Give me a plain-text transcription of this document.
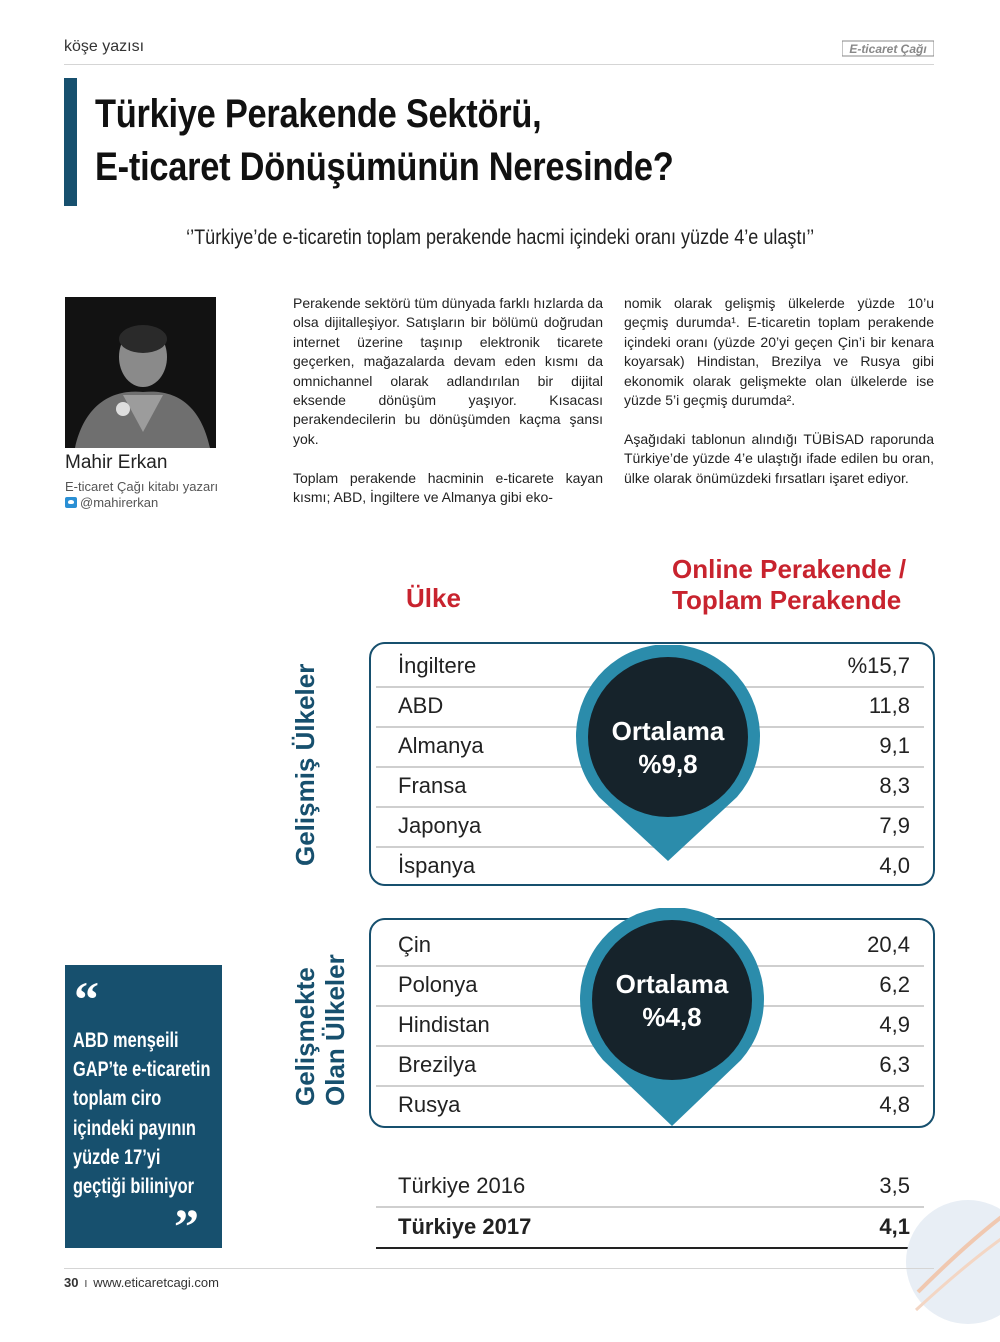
köşe yazısı	E-ticaret Çağı
Türkiye Perakende Sektörü,
E-ticaret Dönüşümünün Neresinde?
‘’Türkiye’de e-ticaretin toplam perakende hacmi içindeki oranı yüzde 4’e ulaştı’’
Mahir Erkan
E-ticaret Çağı kitabı yazarı
@mahirerkan

Perakende sektörü tüm dünyada farklı hızlarda da olsa dijitalleşiyor. Satışların bir bölümü doğrudan internet üzerine taşınıp elektronik ticarete geçerken, mağazalarda devam eden kısmı da omnichannel olarak adlandırılan bir dijital eksende dönüşüm yaşıyor. Kısacası perakendecilerin bu dönüşümden kaçma şansı yok.

Toplam perakende hacminin e-ticarete kayan kısmı; ABD, İngiltere ve Almanya gibi eko-

nomik olarak gelişmiş ülkelerde yüzde 10’u geçmiş durumda¹. E-ticaretin toplam perakende içindeki oranı (yüzde 20’yi geçen Çin’i bir kenara koyarsak) Hindistan, Brezilya ve Rusya gibi ekonomik olarak gelişmekte olan ülkelerde ise yüzde 5’i geçmiş durumda².

Aşağıdaki tablonun alındığı TÜBİSAD raporunda Türkiye’de yüzde 4’e ulaştığı ifade edilen bu oran, ülke olarak önümüzdeki fırsatları işaret ediyor.

“
ABD menşeili
GAP’te e-ticaretin
toplam ciro
içindeki payının
yüzde 17’yi
geçtiği biliniyor
”
Ülke
Online Perakende /
Toplam Perakende
Gelişmiş Ülkeler
Gelişmekte Olan Ülkeler
İngiltere	%15,7
ABD	11,8
Almanya	9,1
Fransa	8,3
Japonya	7,9
İspanya	4,0
Çin	20,4
Polonya	6,2
Hindistan	4,9
Brezilya	6,3
Rusya	4,8
Ortalama
%9,8
Ortalama
%4,8
Türkiye 2016	3,5
Türkiye 2017	4,1
30 I www.eticaretcagi.com
